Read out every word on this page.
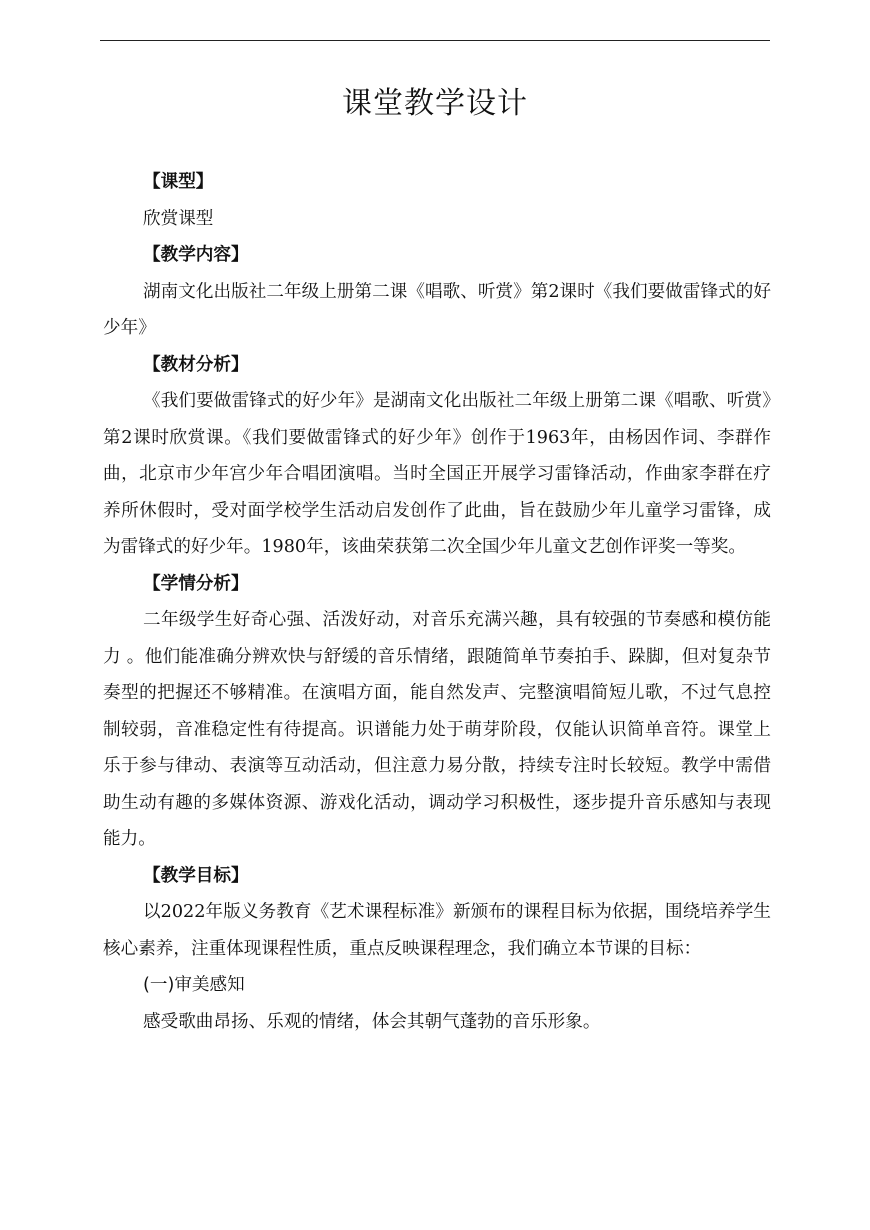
课堂教学设计

【课型】

欣赏课型

【教学内容】

湖南文化出版社二年级上册第二课《唱歌、听赏》第2课时《我们要做雷锋式的好少年》

【教材分析】

《我们要做雷锋式的好少年》是湖南文化出版社二年级上册第二课《唱歌、听赏》第2课时欣赏课。《我们要做雷锋式的好少年》创作于1963年，由杨因作词、李群作曲，北京市少年宫少年合唱团演唱。当时全国正开展学习雷锋活动，作曲家李群在疗养所休假时，受对面学校学生活动启发创作了此曲，旨在鼓励少年儿童学习雷锋，成为雷锋式的好少年。1980年，该曲荣获第二次全国少年儿童文艺创作评奖一等奖。

【学情分析】

二年级学生好奇心强、活泼好动，对音乐充满兴趣，具有较强的节奏感和模仿能力 。他们能准确分辨欢快与舒缓的音乐情绪，跟随简单节奏拍手、跺脚，但对复杂节奏型的把握还不够精准。在演唱方面，能自然发声、完整演唱简短儿歌，不过气息控制较弱，音准稳定性有待提高。识谱能力处于萌芽阶段，仅能认识简单音符。课堂上乐于参与律动、表演等互动活动，但注意力易分散，持续专注时长较短。教学中需借助生动有趣的多媒体资源、游戏化活动，调动学习积极性，逐步提升音乐感知与表现能力。

【教学目标】

以2022年版义务教育《艺术课程标准》新颁布的课程目标为依据，围绕培养学生核心素养，注重体现课程性质，重点反映课程理念，我们确立本节课的目标：

(一)审美感知

感受歌曲昂扬、乐观的情绪，体会其朝气蓬勃的音乐形象。
